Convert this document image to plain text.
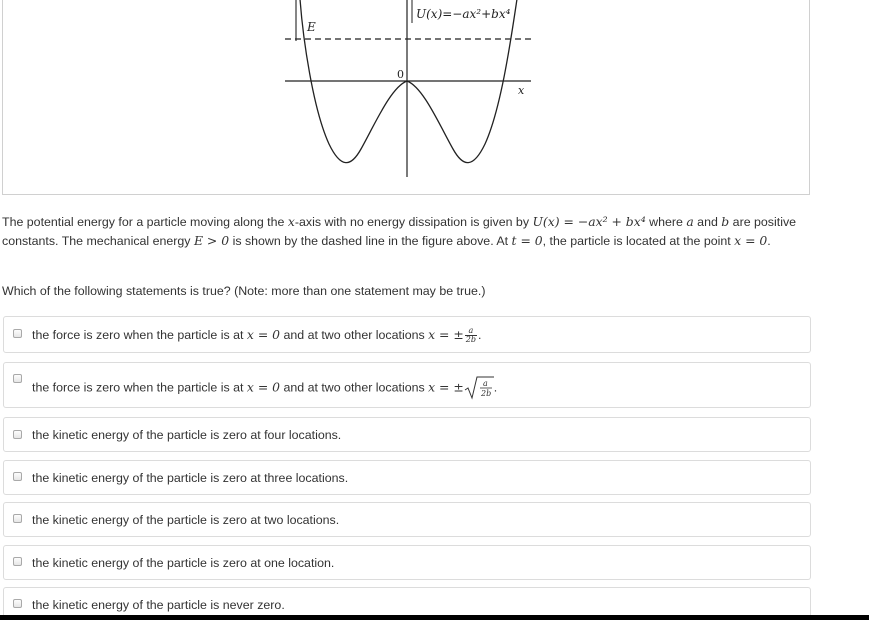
U(x)=−ax²+bx⁴
E
0
x

The potential energy for a particle moving along the x-axis with no energy dissipation is given by U(x) = −ax² + bx⁴ where a and b are positive constants. The mechanical energy E > 0 is shown by the dashed line in the figure above. At t = 0, the particle is located at the point x = 0.

Which of the following statements is true? (Note: more than one statement may be true.)
the force is zero when the particle is at x = 0 and at two other locations x = ± $\frac{a}{2b}$ .
the force is zero when the particle is at x = 0 and at two other locations x = ± a
2b .
the kinetic energy of the particle is zero at four locations.
the kinetic energy of the particle is zero at three locations.
the kinetic energy of the particle is zero at two locations.
the kinetic energy of the particle is zero at one location.
the kinetic energy of the particle is never zero.
